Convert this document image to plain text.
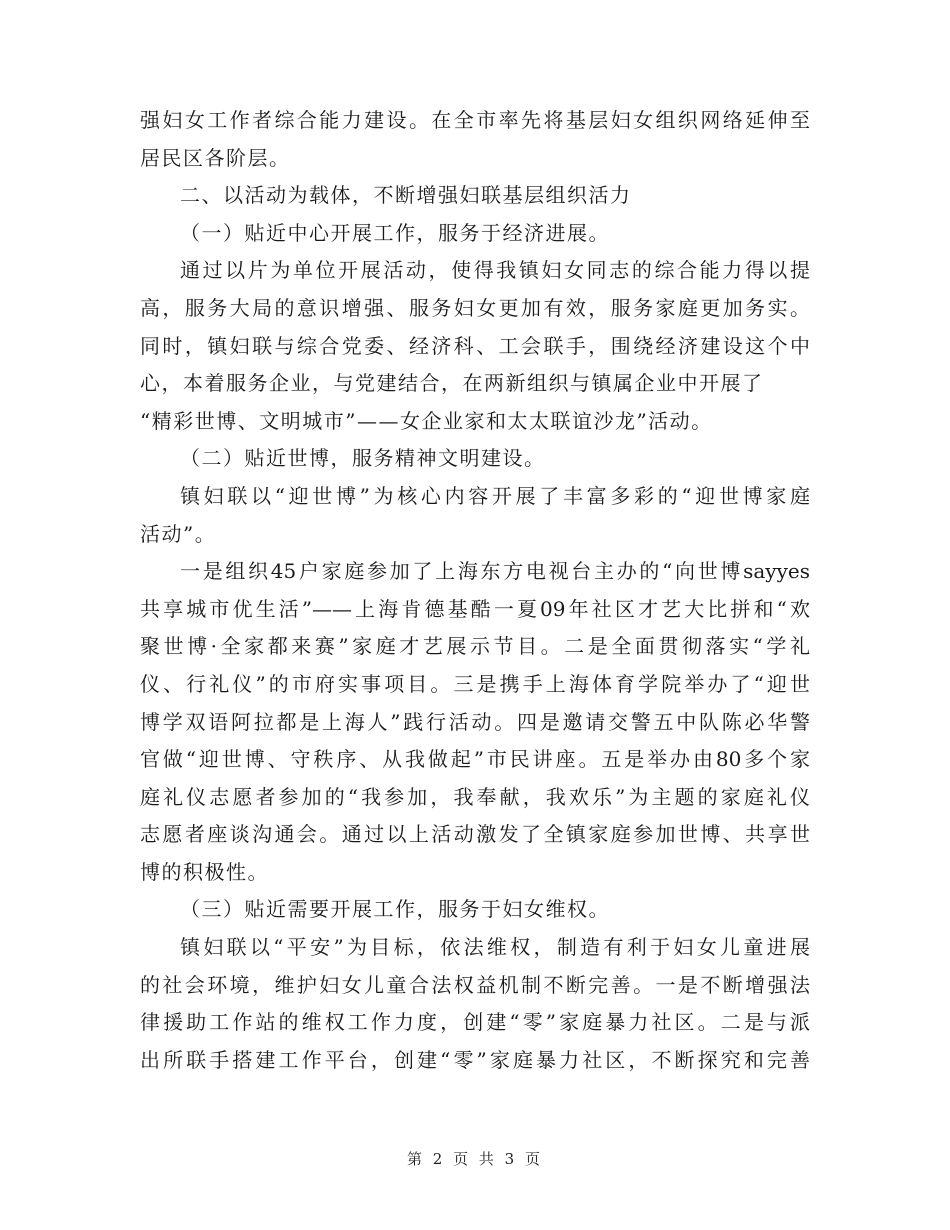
强妇女工作者综合能力建设。在全市率先将基层妇女组织网络延伸至
居民区各阶层。
二、以活动为载体，不断增强妇联基层组织活力
（一）贴近中心开展工作，服务于经济进展。
通过以片为单位开展活动，使得我镇妇女同志的综合能力得以提
高，服务大局的意识增强、服务妇女更加有效，服务家庭更加务实。
同时，镇妇联与综合党委、经济科、工会联手，围绕经济建设这个中
心，本着服务企业，与党建结合，在两新组织与镇属企业中开展了
“精彩世博、文明城市”——女企业家和太太联谊沙龙”活动。
（二）贴近世博，服务精神文明建设。
镇妇联以“迎世博”为核心内容开展了丰富多彩的“迎世博家庭
活动”。
一是组织45户家庭参加了上海东方电视台主办的“向世博sayyes
共享城市优生活”——上海肯德基酷一夏09年社区才艺大比拼和“欢
聚世博·全家都来赛”家庭才艺展示节目。二是全面贯彻落实“学礼
仪、行礼仪”的市府实事项目。三是携手上海体育学院举办了“迎世
博学双语阿拉都是上海人”践行活动。四是邀请交警五中队陈必华警
官做“迎世博、守秩序、从我做起”市民讲座。五是举办由80多个家
庭礼仪志愿者参加的“我参加，我奉献，我欢乐”为主题的家庭礼仪
志愿者座谈沟通会。通过以上活动激发了全镇家庭参加世博、共享世
博的积极性。
（三）贴近需要开展工作，服务于妇女维权。
镇妇联以“平安”为目标，依法维权，制造有利于妇女儿童进展
的社会环境，维护妇女儿童合法权益机制不断完善。一是不断增强法
律援助工作站的维权工作力度，创建“零”家庭暴力社区。二是与派
出所联手搭建工作平台，创建“零”家庭暴力社区，不断探究和完善
第 2 页 共 3 页
